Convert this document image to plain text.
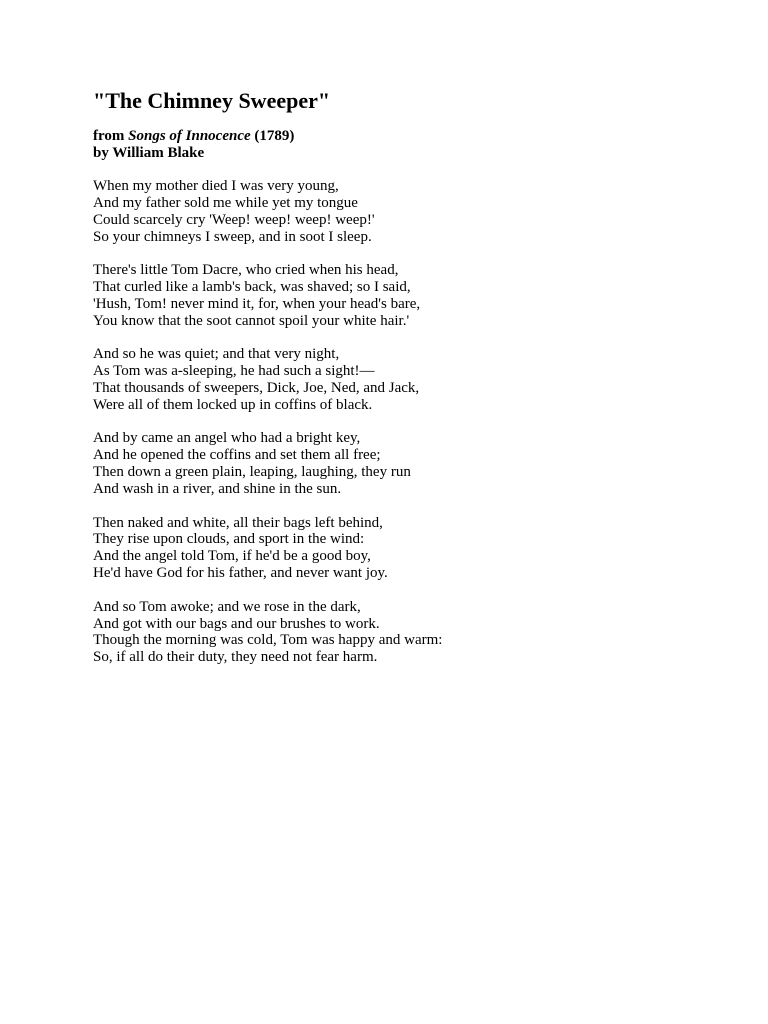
"The Chimney Sweeper"
from Songs of Innocence (1789)
by William Blake
When my mother died I was very young,
And my father sold me while yet my tongue
Could scarcely cry 'Weep! weep! weep! weep!'
So your chimneys I sweep, and in soot I sleep.
There's little Tom Dacre, who cried when his head,
That curled like a lamb's back, was shaved; so I said,
'Hush, Tom! never mind it, for, when your head's bare,
You know that the soot cannot spoil your white hair.'
And so he was quiet; and that very night,
As Tom was a-sleeping, he had such a sight!—
That thousands of sweepers, Dick, Joe, Ned, and Jack,
Were all of them locked up in coffins of black.
And by came an angel who had a bright key,
And he opened the coffins and set them all free;
Then down a green plain, leaping, laughing, they run
And wash in a river, and shine in the sun.
Then naked and white, all their bags left behind,
They rise upon clouds, and sport in the wind:
And the angel told Tom, if he'd be a good boy,
He'd have God for his father, and never want joy.
And so Tom awoke; and we rose in the dark,
And got with our bags and our brushes to work.
Though the morning was cold, Tom was happy and warm:
So, if all do their duty, they need not fear harm.
